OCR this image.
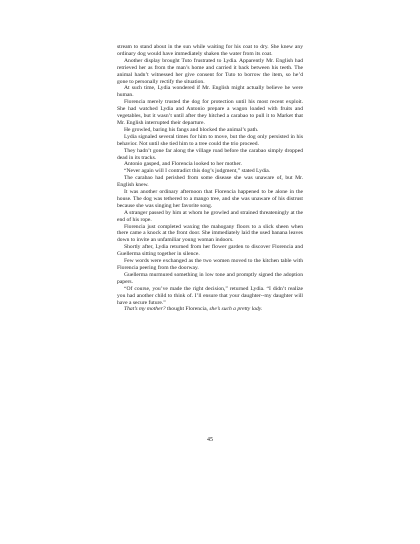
stream to stand about in the sun while waiting for his coat to dry. She knew any ordinary dog would have immediately shaken the water from its coat.

Another display brought Tuto frustrated to Lydia. Apparently Mr. English had retrieved her as from the man’s home and carried it back between his teeth. The animal hadn’t witnessed her give consent for Tuto to borrow the item, so he’d gone to personally rectify the situation.

At such time, Lydia wondered if Mr. English might actually believe he were human.

Florencia merely trusted the dog for protection until his most recent exploit. She had watched Lydia and Antonio prepare a wagon loaded with fruits and vegetables, but it wasn’t until after they hitched a carabao to pull it to Market that Mr. English interrupted their departure.

He growled, baring his fangs and blocked the animal’s path.

Lydia signaled several times for him to move, but the dog only persisted in his behavior. Not until she tied him to a tree could the trio proceed.

They hadn’t gone far along the village road before the carabao simply dropped dead in its tracks.

Antonio gasped, and Florencia looked to her mother.

“Never again will I contradict this dog’s judgment,” stated Lydia.

The carabao had perished from some disease she was unaware of, but Mr. English knew.

It was another ordinary afternoon that Florencia happened to be alone in the house. The dog was tethered to a mango tree, and she was unaware of his distrust because she was singing her favorite song.

A stranger passed by him at whom he growled and strained threateningly at the end of his rope.

Florencia just completed waxing the mahogany floors to a slick sheen when there came a knock at the front door. She immediately laid the used banana leaves down to invite an unfamiliar young woman indoors.

Shortly after, Lydia returned from her flower garden to discover Florencia and Guellerma sitting together in silence.

Few words were exchanged as the two women moved to the kitchen table with Florencia peering from the doorway.

Guellerma murmured something in low tone and promptly signed the adoption papers.

“Of course, you’ve made the right decision,” returned Lydia. “I didn’t realize you had another child to think of. I’ll ensure that your daughter--my daughter will have a secure future.”

That’s my mother? thought Florencia, she’s such a pretty lady.

45
